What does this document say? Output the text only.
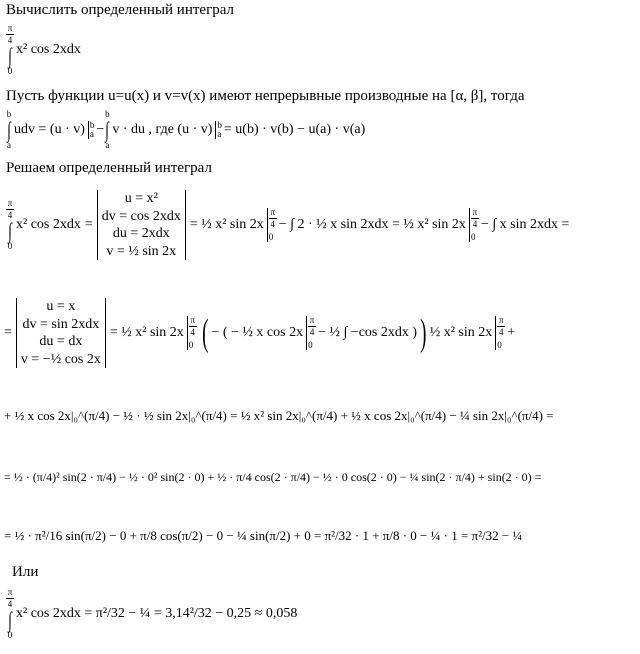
Вычислить определенный интеграл
π
4
∫
0
x² cos 2xdx
Пусть функции u=u(x) и v=v(x) имеют непрерывные производные на [α, β], тогда
b
∫
a
udv = (u · v) b
a −
b
∫
a
v · du , где (u · v) b
a = u(b) · v(b) − u(a) · v(a)
Решаем определенный интеграл
π
4
∫
0
x² cos 2xdx =
u = x²
dv = cos 2xdx
du = 2xdx
v = ½ sin 2x
= ½ x² sin 2x
π
4
0
− ∫ 2 · ½ x sin 2xdx = ½ x² sin 2x
π
4
0
− ∫ x sin 2xdx =
=
u = x
dv = sin 2xdx
du = dx
v = −½ cos 2x
= ½ x² sin 2x
π
4
0 ( − ( − ½ x cos 2x
π
4
0
− ½ ∫ −cos 2xdx ) ) ½ x² sin 2x
π
4
0
+
+ ½ x cos 2x|₀^(π/4) − ½ · ½ sin 2x|₀^(π/4) = ½ x² sin 2x|₀^(π/4) + ½ x cos 2x|₀^(π/4) − ¼ sin 2x|₀^(π/4) =
= ½ · (π/4)² sin(2 · π/4) − ½ · 0² sin(2 · 0) + ½ · π/4 cos(2 · π/4) − ½ · 0 cos(2 · 0) − ¼ sin(2 · π/4) + sin(2 · 0) =
= ½ · π²/16 sin(π/2) − 0 + π/8 cos(π/2) − 0 − ¼ sin(π/2) + 0 = π²/32 · 1 + π/8 · 0 − ¼ · 1 = π²/32 − ¼
Или
π
4
∫
0
x² cos 2xdx = π²/32 − ¼ = 3,14²/32 − 0,25 ≈ 0,058
